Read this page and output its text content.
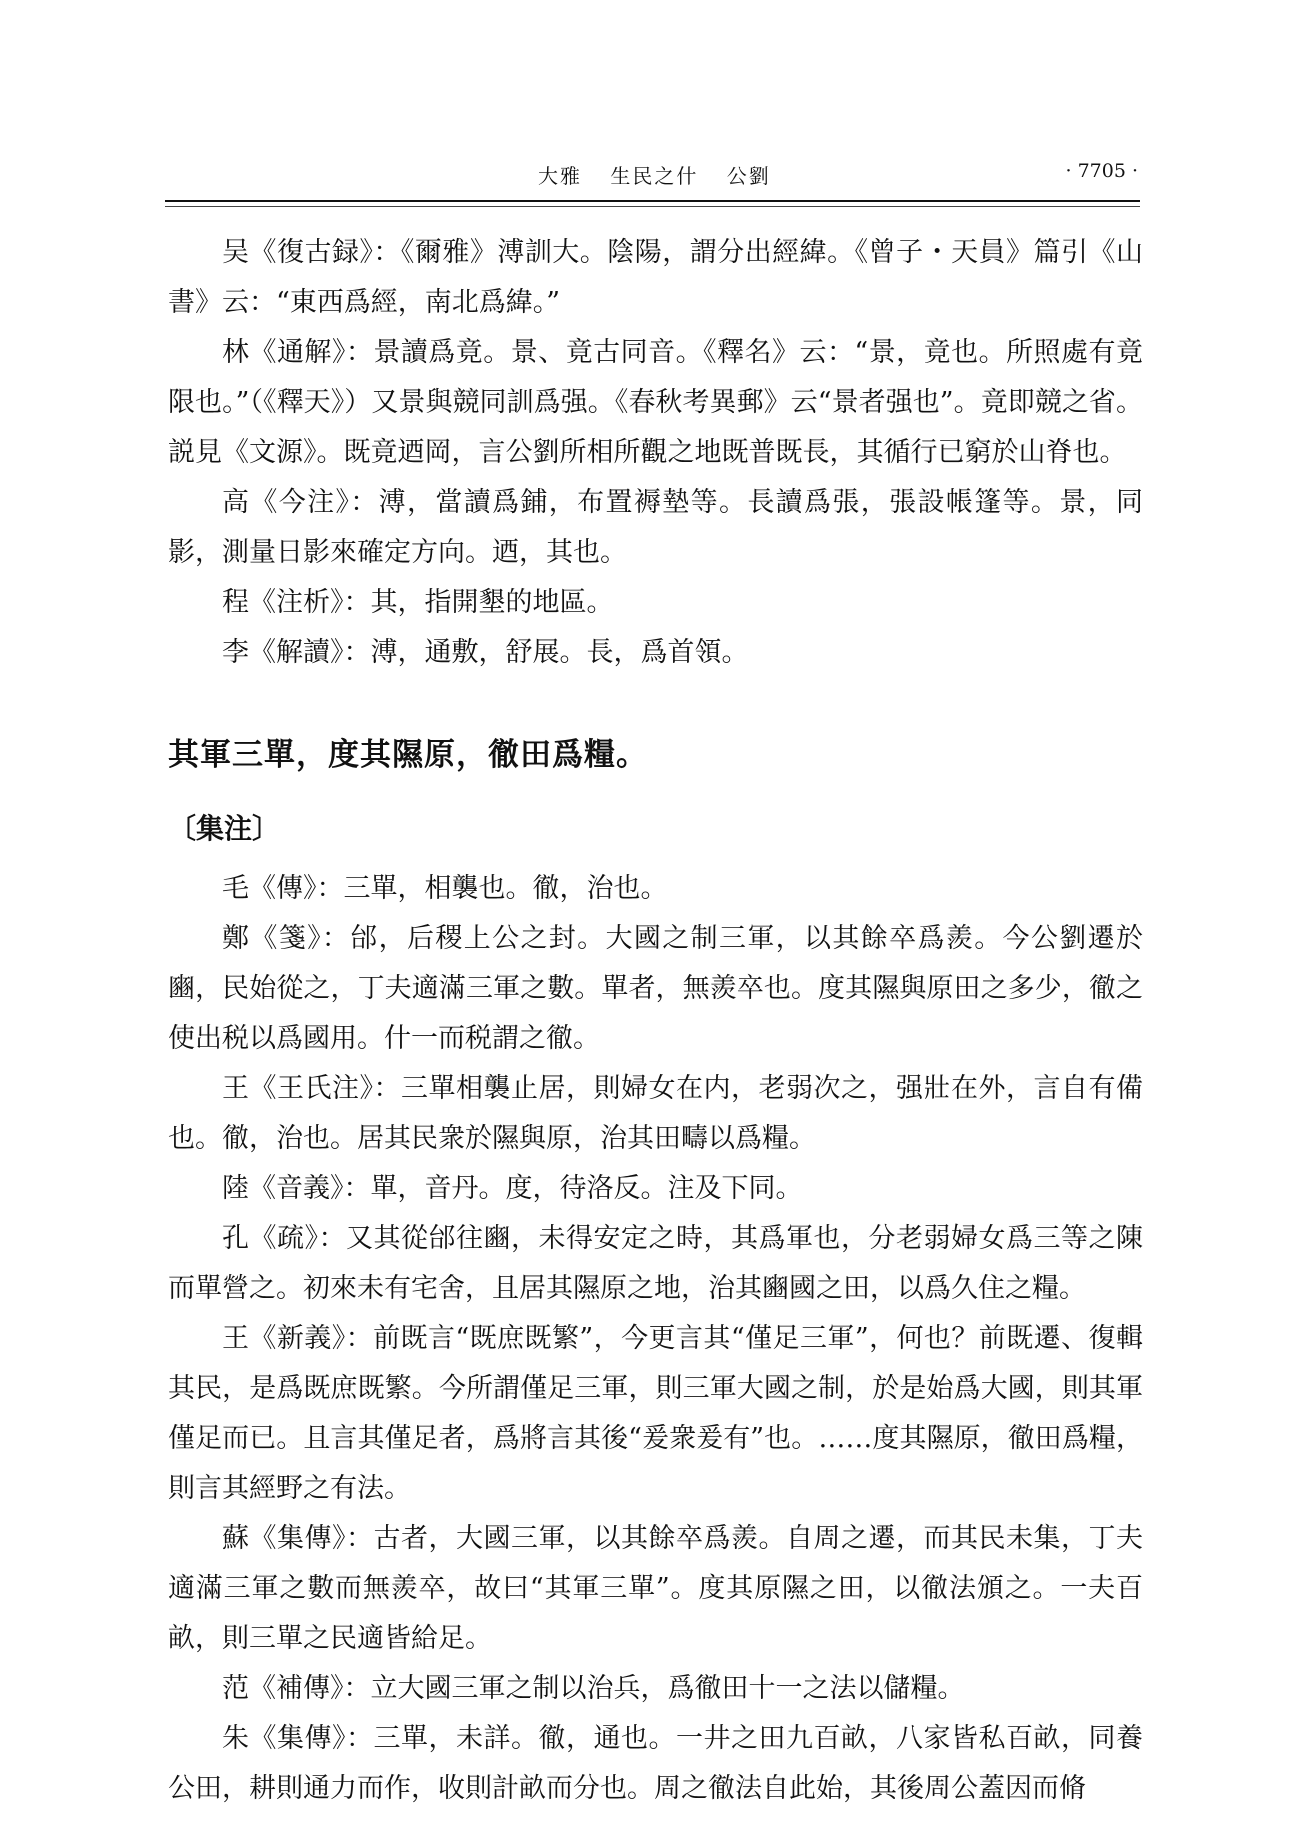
大雅 生民之什 公劉	· 7705 ·

吴《復古録》：《爾雅》溥訓大。陰陽，謂分出經緯。《曾子・天員》篇引《山書》云：“東西爲經，南北爲緯。”

林《通解》：景讀爲竟。景、竟古同音。《釋名》云：“景，竟也。所照處有竟限也。”（《釋天》）又景與競同訓爲强。《春秋考異郵》云“景者强也”。竟即競之省。説見《文源》。既竟迺岡，言公劉所相所觀之地既普既長，其循行已窮於山脊也。

高《今注》：溥，當讀爲鋪，布置褥墊等。長讀爲張，張設帳篷等。景，同影，測量日影來確定方向。迺，其也。

程《注析》：其，指開墾的地區。

李《解讀》：溥，通敷，舒展。長，爲首領。

其軍三單，度其隰原，徹田爲糧。
〔集注〕

毛《傳》：三單，相襲也。徹，治也。

鄭《箋》：邰，后稷上公之封。大國之制三軍，以其餘卒爲羨。今公劉遷於豳，民始從之，丁夫適滿三軍之數。單者，無羨卒也。度其隰與原田之多少，徹之使出税以爲國用。什一而税謂之徹。

王《王氏注》：三單相襲止居，則婦女在内，老弱次之，强壯在外，言自有備也。徹，治也。居其民衆於隰與原，治其田疇以爲糧。

陸《音義》：單，音丹。度，待洛反。注及下同。

孔《疏》：又其從邰往豳，未得安定之時，其爲軍也，分老弱婦女爲三等之陳而單營之。初來未有宅舍，且居其隰原之地，治其豳國之田，以爲久住之糧。

王《新義》：前既言“既庶既繁”，今更言其“僅足三軍”，何也？前既遷、復輯其民，是爲既庶既繁。今所謂僅足三軍，則三軍大國之制，於是始爲大國，則其軍僅足而已。且言其僅足者，爲將言其後“爰衆爰有”也。……度其隰原，徹田爲糧，則言其經野之有法。

蘇《集傳》：古者，大國三軍，以其餘卒爲羨。自周之遷，而其民未集，丁夫適滿三軍之數而無羨卒，故曰“其軍三單”。度其原隰之田，以徹法頒之。一夫百畝，則三單之民適皆給足。

范《補傳》：立大國三軍之制以治兵，爲徹田十一之法以儲糧。

朱《集傳》：三單，未詳。徹，通也。一井之田九百畝，八家皆私百畝，同養公田，耕則通力而作，收則計畝而分也。周之徹法自此始，其後周公蓋因而脩
